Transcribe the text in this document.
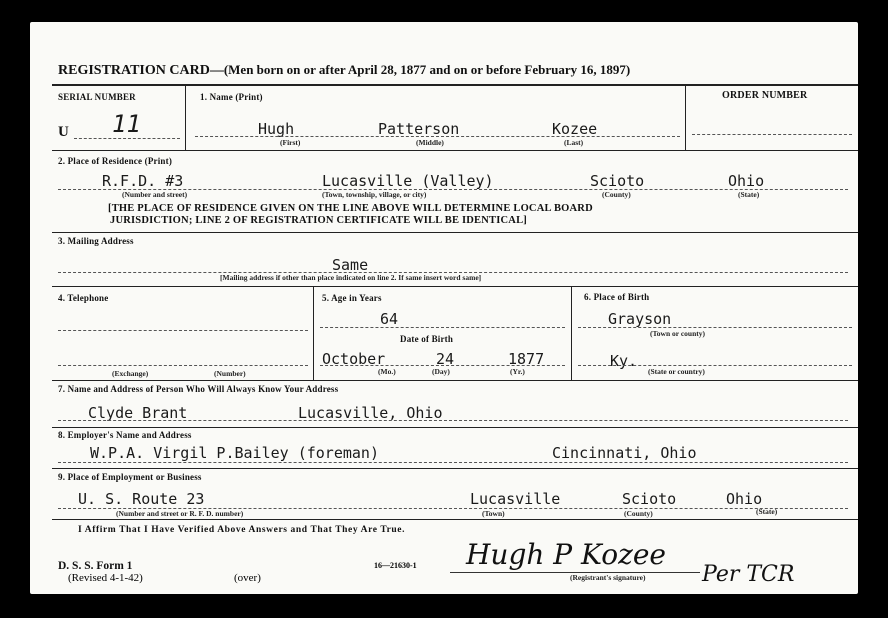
REGISTRATION CARD—(Men born on or after April 28, 1877 and on or before February 16, 1897)
SERIAL NUMBER
U 11
1. Name (Print)
Hugh	Patterson	Kozee
(First)	(Middle)	(Last)
ORDER NUMBER
2. Place of Residence (Print)
R.F.D. #3	Lucasville (Valley)	Scioto	Ohio
(Number and street)	(Town, township, village, or city)	(County)	(State)
[THE PLACE OF RESIDENCE GIVEN ON THE LINE ABOVE WILL DETERMINE LOCAL BOARD
JURISDICTION; LINE 2 OF REGISTRATION CERTIFICATE WILL BE IDENTICAL]
3. Mailing Address
Same
[Mailing address if other than place indicated on line 2. If same insert word same]
4. Telephone
(Exchange)	(Number)
5. Age in Years
64
Date of Birth
October	24	1877
(Mo.)	(Day)	(Yr.)
6. Place of Birth
Grayson
(Town or county)
Ky.
(State or country)
7. Name and Address of Person Who Will Always Know Your Address
Clyde Brant	Lucasville, Ohio
8. Employer's Name and Address
W.P.A. Virgil P.Bailey (foreman)	Cincinnati, Ohio
9. Place of Employment or Business
U. S. Route 23	Lucasville	Scioto	Ohio
(Number and street or R. F. D. number)	(Town)	(County)	(State)
I Affirm That I Have Verified Above Answers and That They Are True.
D. S. S. Form 1
(Revised 4-1-42)	(over)
16—21630-1 Hugh P Kozee
(Registrant's signature)	Per TCR
